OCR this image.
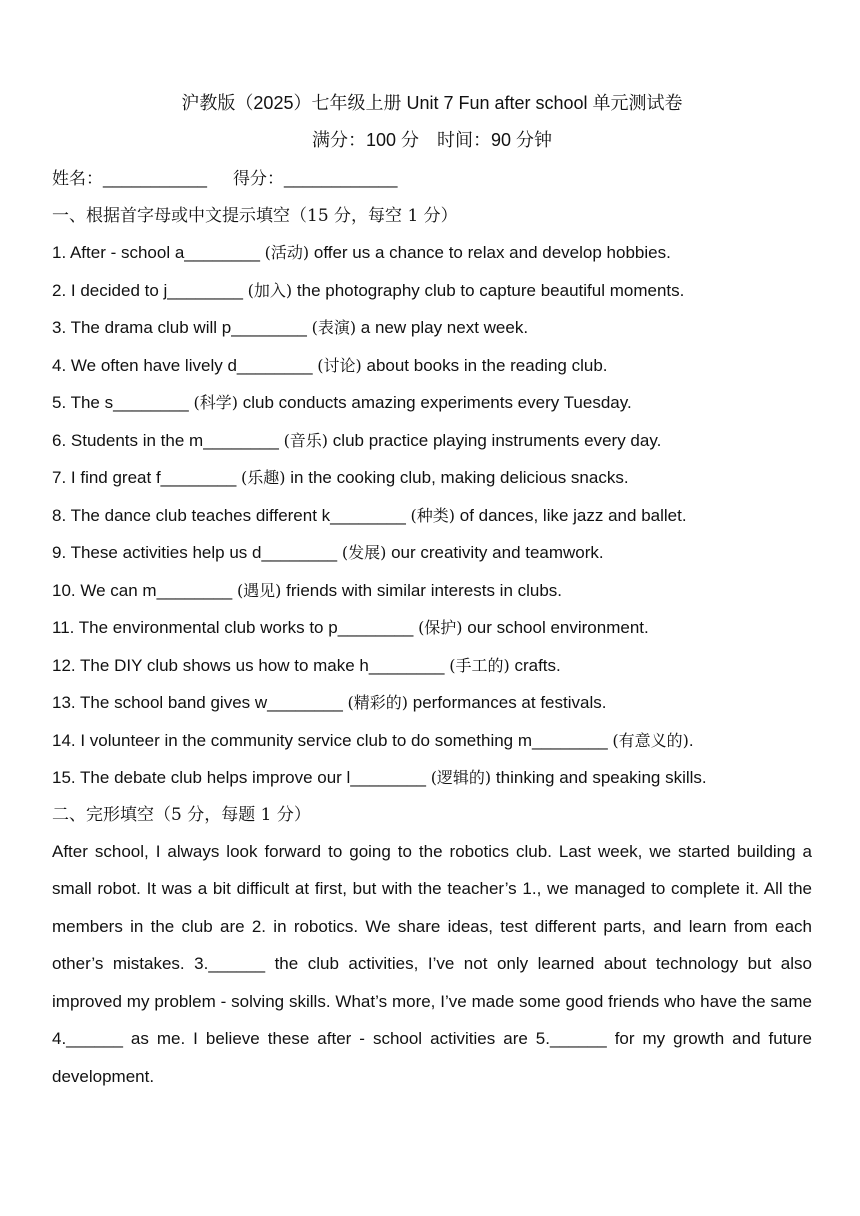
沪教版（2025）七年级上册 Unit 7 Fun after school 单元测试卷
满分：100 分　时间：90 分钟
姓名：___________ 得分：____________
一、根据首字母或中文提示填空（15 分，每空 1 分）
1. After - school a________ (活动) offer us a chance to relax and develop hobbies.
2. I decided to j________ (加入) the photography club to capture beautiful moments.
3. The drama club will p________ (表演) a new play next week.
4. We often have lively d________ (讨论) about books in the reading club.
5. The s________ (科学) club conducts amazing experiments every Tuesday.
6. Students in the m________ (音乐) club practice playing instruments every day.
7. I find great f________ (乐趣) in the cooking club, making delicious snacks.
8. The dance club teaches different k________ (种类) of dances, like jazz and ballet.
9. These activities help us d________ (发展) our creativity and teamwork.
10. We can m________ (遇见) friends with similar interests in clubs.
11. The environmental club works to p________ (保护) our school environment.
12. The DIY club shows us how to make h________ (手工的) crafts.
13. The school band gives w________ (精彩的) performances at festivals.
14. I volunteer in the community service club to do something m________ (有意义的).
15. The debate club helps improve our l________ (逻辑的) thinking and speaking skills.
二、完形填空（5 分，每题 1 分）

After school, I always look forward to going to the robotics club. Last week, we started building a small robot. It was a bit difficult at first, but with the teacher’s 1., we managed to complete it. All the members in the club are 2. in robotics. We share ideas, test different parts, and learn from each other’s mistakes. 3.______ the club activities, I’ve not only learned about technology but also improved my problem - solving skills. What’s more, I’ve made some good friends who have the same 4.______ as me. I believe these after - school activities are 5.______ for my growth and future development.
